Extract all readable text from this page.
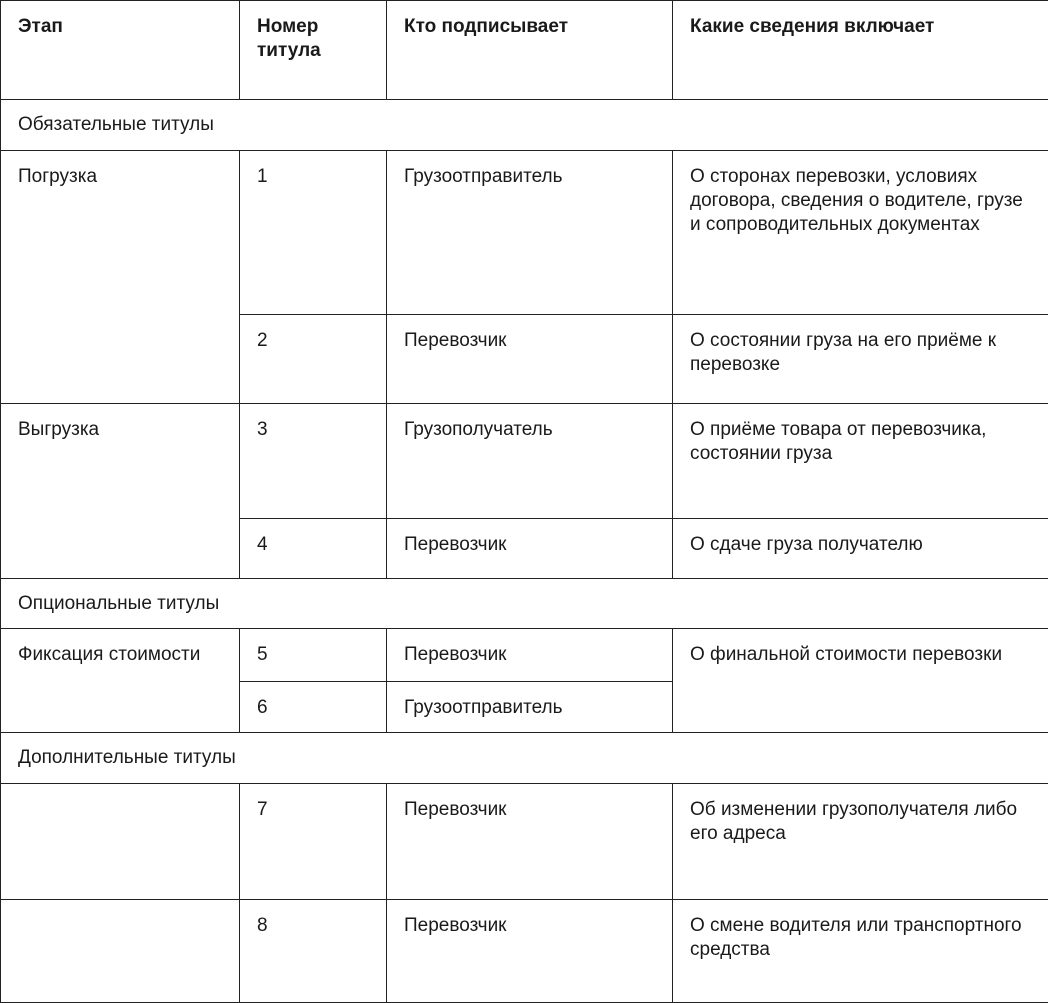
Этап	Номер титула	Кто подписывает	Какие сведения включает
Обязательные титулы			
Погрузка	1	Грузоотправитель	О сторонах перевозки, условиях договора, сведения о водителе, грузе и сопроводительных документах
	2	Перевозчик	О состоянии груза на его приёме к перевозке
Выгрузка	3	Грузополучатель	О приёме товара от перевозчика, состоянии груза
	4	Перевозчик	О сдаче груза получателю
Опциональные титулы			
Фиксация стоимости	5	Перевозчик	О финальной стоимости перевозки
	6	Грузоотправитель	
Дополнительные титулы			
	7	Перевозчик	Об изменении грузополучателя либо его адреса
	8	Перевозчик	О смене водителя или транспортного средства
